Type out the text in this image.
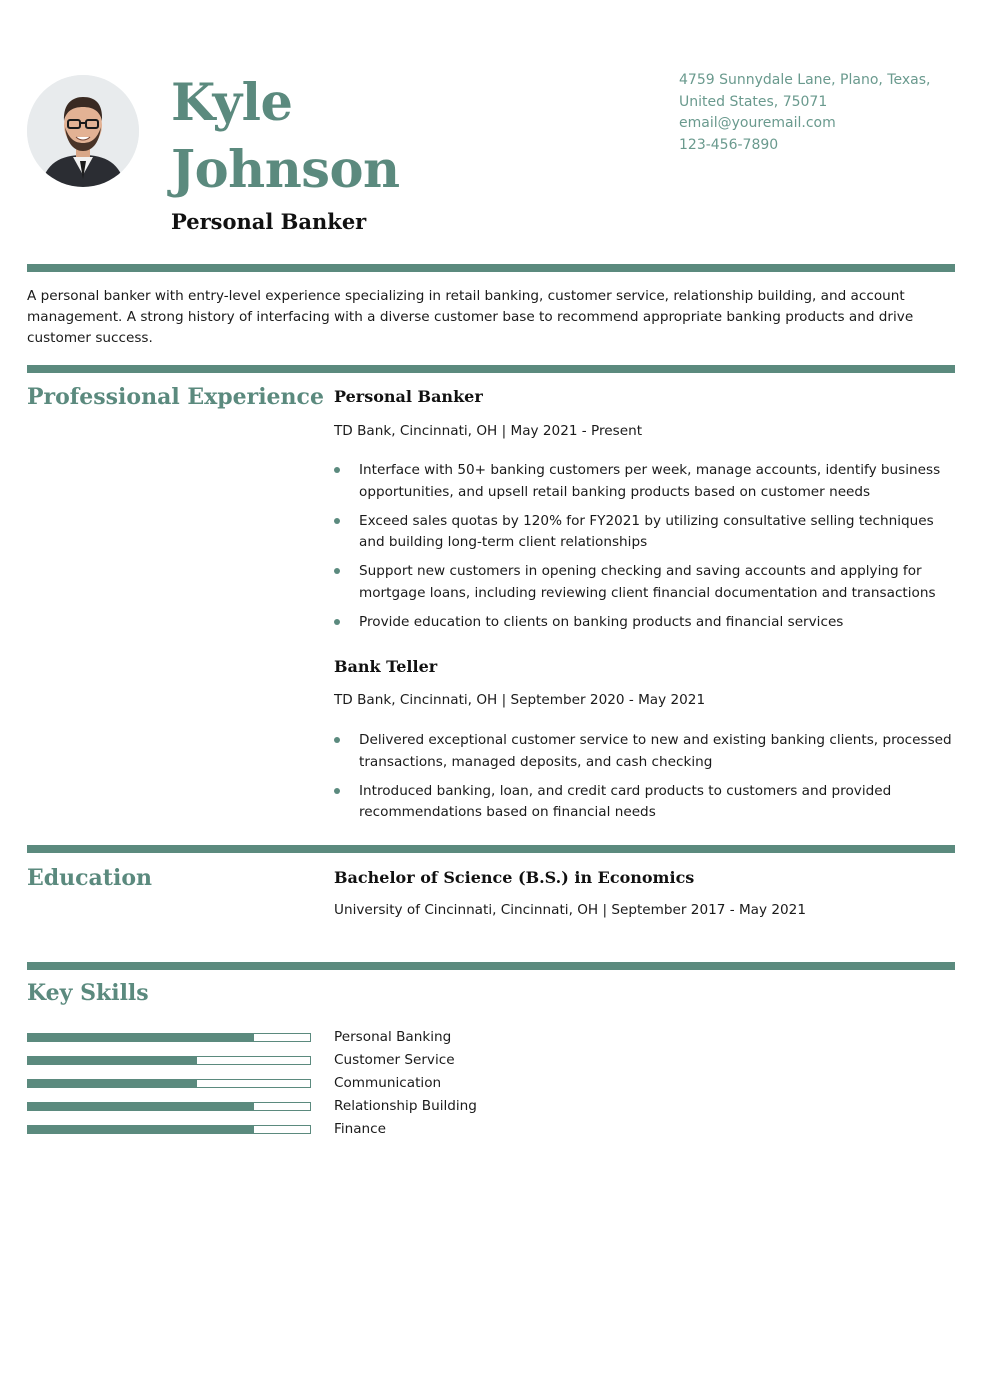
Kyle
Johnson
Personal Banker
4759 Sunnydale Lane, Plano, Texas,
United States, 75071
email@youremail.com
123-456-7890

A personal banker with entry-level experience specializing in retail banking, customer service, relationship building, and account management. A strong history of interfacing with a diverse customer base to recommend appropriate banking products and drive customer success.

Professional Experience Personal Banker
TD Bank, Cincinnati, OH | May 2021 - Present
Interface with 50+ banking customers per week, manage accounts, identify business opportunities, and upsell retail banking products based on customer needs
Exceed sales quotas by 120% for FY2021 by utilizing consultative selling techniques and building long-term client relationships
Support new customers in opening checking and saving accounts and applying for mortgage loans, including reviewing client financial documentation and transactions
Provide education to clients on banking products and financial services
Bank Teller
TD Bank, Cincinnati, OH | September 2020 - May 2021
Delivered exceptional customer service to new and existing banking clients, processed transactions, managed deposits, and cash checking
Introduced banking, loan, and credit card products to customers and provided recommendations based on financial needs
Education	Bachelor of Science (B.S.) in Economics
University of Cincinnati, Cincinnati, OH | September 2017 - May 2021
Key Skills
Personal Banking
Customer Service
Communication
Relationship Building
Finance
